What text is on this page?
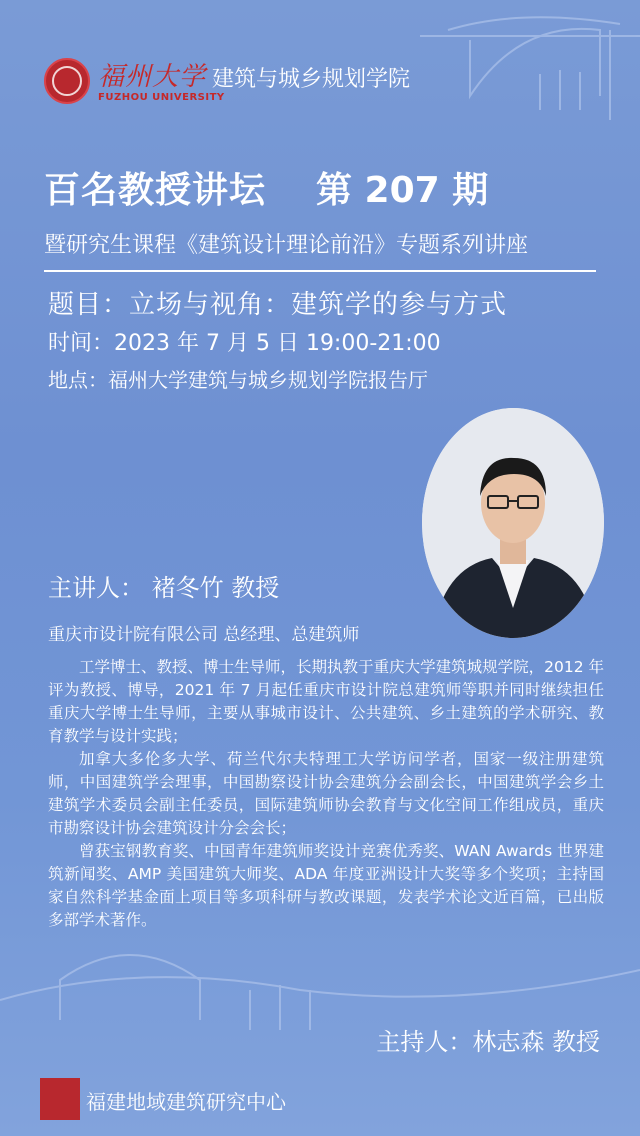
福州大学
FUZHOU UNIVERSITY
建筑与城乡规划学院
百名教授讲坛 第 207 期
暨研究生课程《建筑设计理论前沿》专题系列讲座
题目：立场与视角：建筑学的参与方式
时间：2023 年 7 月 5 日 19:00-21:00
地点：福州大学建筑与城乡规划学院报告厅
主讲人： 褚冬竹 教授
重庆市设计院有限公司 总经理、总建筑师

工学博士、教授、博士生导师，长期执教于重庆大学建筑城规学院，2012 年评为教授、博导，2021 年 7 月起任重庆市设计院总建筑师等职并同时继续担任重庆大学博士生导师，主要从事城市设计、公共建筑、乡土建筑的学术研究、教育教学与设计实践；

加拿大多伦多大学、荷兰代尔夫特理工大学访问学者，国家一级注册建筑师，中国建筑学会理事，中国勘察设计协会建筑分会副会长，中国建筑学会乡土建筑学术委员会副主任委员，国际建筑师协会教育与文化空间工作组成员，重庆市勘察设计协会建筑设计分会会长；

曾获宝钢教育奖、中国青年建筑师奖设计竞赛优秀奖、WAN Awards 世界建筑新闻奖、AMP 美国建筑大师奖、ADA 年度亚洲设计大奖等多个奖项；主持国家自然科学基金面上项目等多项科研与教改课题，发表学术论文近百篇，已出版多部学术著作。

主持人：林志森 教授
福建地域建筑研究中心
